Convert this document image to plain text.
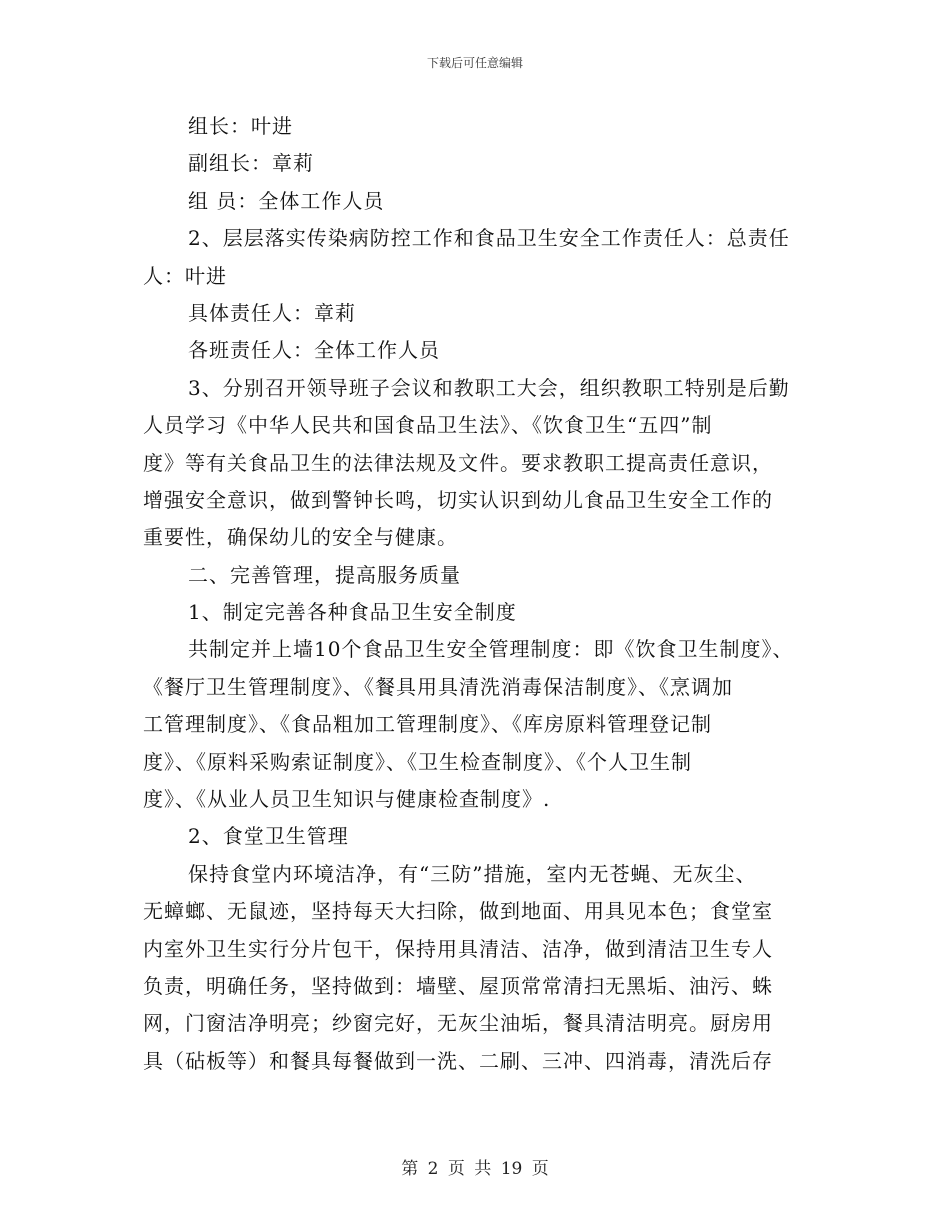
下载后可任意编辑
组长：叶进
副组长：章莉
组 员：全体工作人员
2、层层落实传染病防控工作和食品卫生安全工作责任人：总责任
人：叶进
具体责任人：章莉
各班责任人：全体工作人员
3、分别召开领导班子会议和教职工大会，组织教职工特别是后勤
人员学习《中华人民共和国食品卫生法》、《饮食卫生“五四”制
度》等有关食品卫生的法律法规及文件。要求教职工提高责任意识，
增强安全意识，做到警钟长鸣，切实认识到幼儿食品卫生安全工作的
重要性，确保幼儿的安全与健康。
二、完善管理，提高服务质量
1、制定完善各种食品卫生安全制度
共制定并上墙10个食品卫生安全管理制度：即《饮食卫生制度》、
《餐厅卫生管理制度》、《餐具用具清洗消毒保洁制度》、《烹调加
工管理制度》、《食品粗加工管理制度》、《库房原料管理登记制
度》、《原料采购索证制度》、《卫生检查制度》、《个人卫生制
度》、《从业人员卫生知识与健康检查制度》.
2、食堂卫生管理
保持食堂内环境洁净，有“三防”措施，室内无苍蝇、无灰尘、
无蟑螂、无鼠迹，坚持每天大扫除，做到地面、用具见本色；食堂室
内室外卫生实行分片包干，保持用具清洁、洁净，做到清洁卫生专人
负责，明确任务，坚持做到：墙壁、屋顶常常清扫无黑垢、油污、蛛
网，门窗洁净明亮；纱窗完好，无灰尘油垢，餐具清洁明亮。厨房用
具（砧板等）和餐具每餐做到一洗、二刷、三冲、四消毒，清洗后存
第 2 页 共 19 页
